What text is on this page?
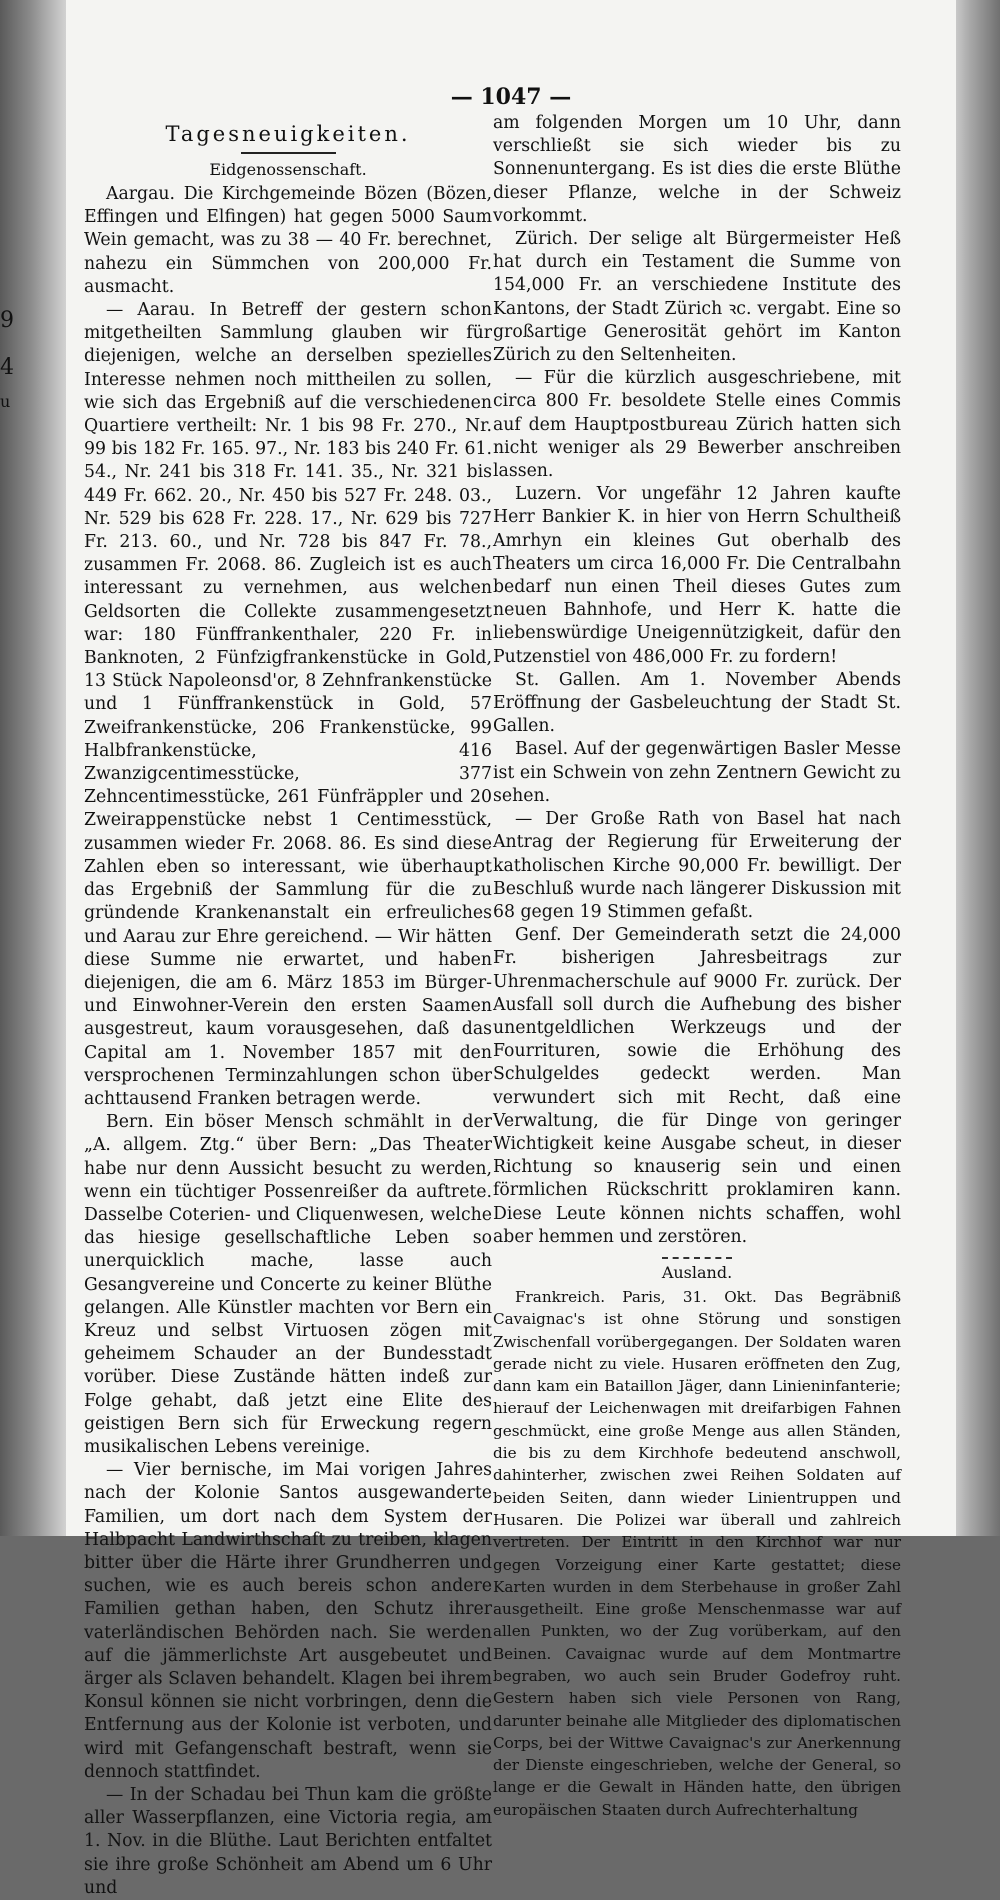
9
4
u
— 1047 —
Tagesneuigkeiten.
Eidgenossenschaft.

Aargau. Die Kirchgemeinde Bözen (Bözen, Effingen und Elfingen) hat gegen 5000 Saum Wein gemacht, was zu 38 — 40 Fr. berechnet, nahezu ein Sümmchen von 200,000 Fr. ausmacht.

— Aarau. In Betreff der gestern schon mitgetheilten Sammlung glauben wir für diejenigen, welche an derselben spezielles Interesse nehmen noch mittheilen zu sollen, wie sich das Ergebniß auf die verschiedenen Quartiere vertheilt: Nr. 1 bis 98 Fr. 270., Nr. 99 bis 182 Fr. 165. 97., Nr. 183 bis 240 Fr. 61. 54., Nr. 241 bis 318 Fr. 141. 35., Nr. 321 bis 449 Fr. 662. 20., Nr. 450 bis 527 Fr. 248. 03., Nr. 529 bis 628 Fr. 228. 17., Nr. 629 bis 727 Fr. 213. 60., und Nr. 728 bis 847 Fr. 78., zusammen Fr. 2068. 86. Zugleich ist es auch interessant zu vernehmen, aus welchen Geldsorten die Collekte zusammengesetzt war: 180 Fünffrankenthaler, 220 Fr. in Banknoten, 2 Fünfzigfrankenstücke in Gold, 13 Stück Napoleonsd'or, 8 Zehnfrankenstücke und 1 Fünffrankenstück in Gold, 57 Zweifrankenstücke, 206 Frankenstücke, 99 Halbfrankenstücke, 416 Zwanzigcentimesstücke, 377 Zehncentimesstücke, 261 Fünfräppler und 20 Zweirappenstücke nebst 1 Centimesstück, zusammen wieder Fr. 2068. 86. Es sind diese Zahlen eben so interessant, wie überhaupt das Ergebniß der Sammlung für die zu gründende Krankenanstalt ein erfreuliches und Aarau zur Ehre gereichend. — Wir hätten diese Summe nie erwartet, und haben diejenigen, die am 6. März 1853 im Bürger- und Einwohner-Verein den ersten Saamen ausgestreut, kaum vorausgesehen, daß das Capital am 1. November 1857 mit den versprochenen Terminzahlungen schon über achttausend Franken betragen werde.

Bern. Ein böser Mensch schmählt in der „A. allgem. Ztg.“ über Bern: „Das Theater habe nur denn Aussicht besucht zu werden, wenn ein tüchtiger Possenreißer da auftrete. Dasselbe Coterien- und Cliquenwesen, welche das hiesige gesellschaftliche Leben so unerquicklich mache, lasse auch Gesangvereine und Concerte zu keiner Blüthe gelangen. Alle Künstler machten vor Bern ein Kreuz und selbst Virtuosen zögen mit geheimem Schauder an der Bundesstadt vorüber. Diese Zustände hätten indeß zur Folge gehabt, daß jetzt eine Elite des geistigen Bern sich für Erweckung regern musikalischen Lebens vereinige.

— Vier bernische, im Mai vorigen Jahres nach der Kolonie Santos ausgewanderte Familien, um dort nach dem System der Halbpacht Landwirthschaft zu treiben, klagen bitter über die Härte ihrer Grundherren und suchen, wie es auch bereis schon andere Familien gethan haben, den Schutz ihrer vaterländischen Behörden nach. Sie werden auf die jämmerlichste Art ausgebeutet und ärger als Sclaven behandelt. Klagen bei ihrem Konsul können sie nicht vorbringen, denn die Entfernung aus der Kolonie ist verboten, und wird mit Gefangenschaft bestraft, wenn sie dennoch stattfindet.

— In der Schadau bei Thun kam die größte aller Wasserpflanzen, eine Victoria regia, am 1. Nov. in die Blüthe. Laut Berichten entfaltet sie ihre große Schönheit am Abend um 6 Uhr und

am folgenden Morgen um 10 Uhr, dann verschließt sie sich wieder bis zu Sonnenuntergang. Es ist dies die erste Blüthe dieser Pflanze, welche in der Schweiz vorkommt.

Zürich. Der selige alt Bürgermeister Heß hat durch ein Testament die Summe von 154,000 Fr. an verschiedene Institute des Kantons, der Stadt Zürich ꝛc. vergabt. Eine so großartige Generosität gehört im Kanton Zürich zu den Seltenheiten.

— Für die kürzlich ausgeschriebene, mit circa 800 Fr. besoldete Stelle eines Commis auf dem Hauptpostbureau Zürich hatten sich nicht weniger als 29 Bewerber anschreiben lassen.

Luzern. Vor ungefähr 12 Jahren kaufte Herr Bankier K. in hier von Herrn Schultheiß Amrhyn ein kleines Gut oberhalb des Theaters um circa 16,000 Fr. Die Centralbahn bedarf nun einen Theil dieses Gutes zum neuen Bahnhofe, und Herr K. hatte die liebenswürdige Uneigennützigkeit, dafür den Putzenstiel von 486,000 Fr. zu fordern!

St. Gallen. Am 1. November Abends Eröffnung der Gasbeleuchtung der Stadt St. Gallen.

Basel. Auf der gegenwärtigen Basler Messe ist ein Schwein von zehn Zentnern Gewicht zu sehen.

— Der Große Rath von Basel hat nach Antrag der Regierung für Erweiterung der katholischen Kirche 90,000 Fr. bewilligt. Der Beschluß wurde nach längerer Diskussion mit 68 gegen 19 Stimmen gefaßt.

Genf. Der Gemeinderath setzt die 24,000 Fr. bisherigen Jahresbeitrags zur Uhrenmacherschule auf 9000 Fr. zurück. Der Ausfall soll durch die Aufhebung des bisher unentgeldlichen Werkzeugs und der Fourrituren, sowie die Erhöhung des Schulgeldes gedeckt werden. Man verwundert sich mit Recht, daß eine Verwaltung, die für Dinge von geringer Wichtigkeit keine Ausgabe scheut, in dieser Richtung so knauserig sein und einen förmlichen Rückschritt proklamiren kann. Diese Leute können nichts schaffen, wohl aber hemmen und zerstören.

Ausland.

Frankreich. Paris, 31. Okt. Das Begräbniß Cavaignac's ist ohne Störung und sonstigen Zwischenfall vorübergegangen. Der Soldaten waren gerade nicht zu viele. Husaren eröffneten den Zug, dann kam ein Bataillon Jäger, dann Linieninfanterie; hierauf der Leichenwagen mit dreifarbigen Fahnen geschmückt, eine große Menge aus allen Ständen, die bis zu dem Kirchhofe bedeutend anschwoll, dahinterher, zwischen zwei Reihen Soldaten auf beiden Seiten, dann wieder Linientruppen und Husaren. Die Polizei war überall und zahlreich vertreten. Der Eintritt in den Kirchhof war nur gegen Vorzeigung einer Karte gestattet; diese Karten wurden in dem Sterbehause in großer Zahl ausgetheilt. Eine große Menschenmasse war auf allen Punkten, wo der Zug vorüberkam, auf den Beinen. Cavaignac wurde auf dem Montmartre begraben, wo auch sein Bruder Godefroy ruht. Gestern haben sich viele Personen von Rang, darunter beinahe alle Mitglieder des diplomatischen Corps, bei der Wittwe Cavaignac's zur Anerkennung der Dienste eingeschrieben, welche der General, so lange er die Gewalt in Händen hatte, den übrigen europäischen Staaten durch Aufrechterhaltung
